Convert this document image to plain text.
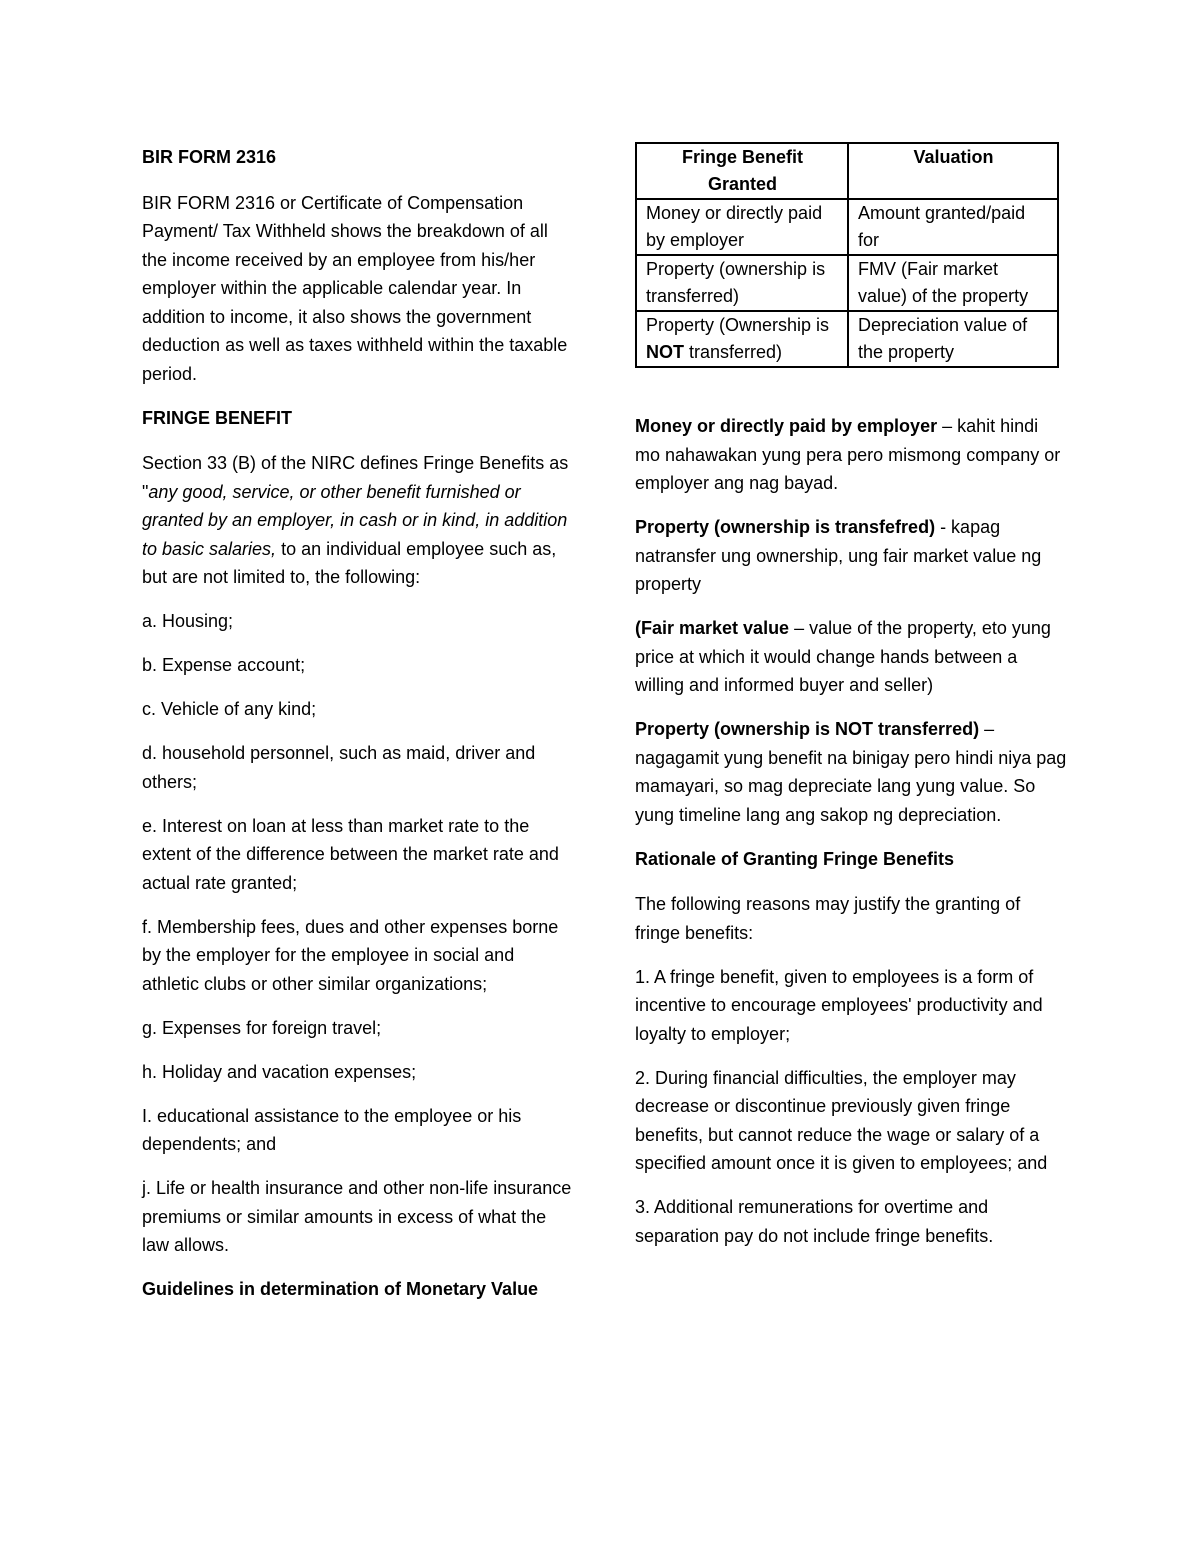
BIR FORM 2316

BIR FORM 2316 or Certificate of Compensation Payment/ Tax Withheld shows the breakdown of all the income received by an employee from his/her employer within the applicable calendar year. In addition to income, it also shows the government deduction as well as taxes withheld within the taxable period.

FRINGE BENEFIT

Section 33 (B) of the NIRC defines Fringe Benefits as "any good, service, or other benefit furnished or granted by an employer, in cash or in kind, in addition to basic salaries, to an individual employee such as, but are not limited to, the following:

a. Housing;

b. Expense account;

c. Vehicle of any kind;

d. household personnel, such as maid, driver and others;

e. Interest on loan at less than market rate to the extent of the difference between the market rate and actual rate granted;

f. Membership fees, dues and other expenses borne by the employer for the employee in social and athletic clubs or other similar organizations;

g. Expenses for foreign travel;

h. Holiday and vacation expenses;

I. educational assistance to the employee or his dependents; and

j. Life or health insurance and other non-life insurance premiums or similar amounts in excess of what the law allows.

Guidelines in determination of Monetary Value
Fringe Benefit Granted	Valuation
Money or directly paid by employer	Amount granted/paid for
Property (ownership is transferred)	FMV (Fair market value) of the property
Property (Ownership is NOT transferred)	Depreciation value of the property

Money or directly paid by employer – kahit hindi mo nahawakan yung pera pero mismong company or employer ang nag bayad.

Property (ownership is transfefred) - kapag natransfer ung ownership, ung fair market value ng property

(Fair market value – value of the property, eto yung price at which it would change hands between a willing and informed buyer and seller)

Property (ownership is NOT transferred) – nagagamit yung benefit na binigay pero hindi niya pag mamayari, so mag depreciate lang yung value. So yung timeline lang ang sakop ng depreciation.

Rationale of Granting Fringe Benefits

The following reasons may justify the granting of fringe benefits:

1. A fringe benefit, given to employees is a form of incentive to encourage employees' productivity and loyalty to employer;

2. During financial difficulties, the employer may decrease or discontinue previously given fringe benefits, but cannot reduce the wage or salary of a specified amount once it is given to employees; and

3. Additional remunerations for overtime and separation pay do not include fringe benefits.
